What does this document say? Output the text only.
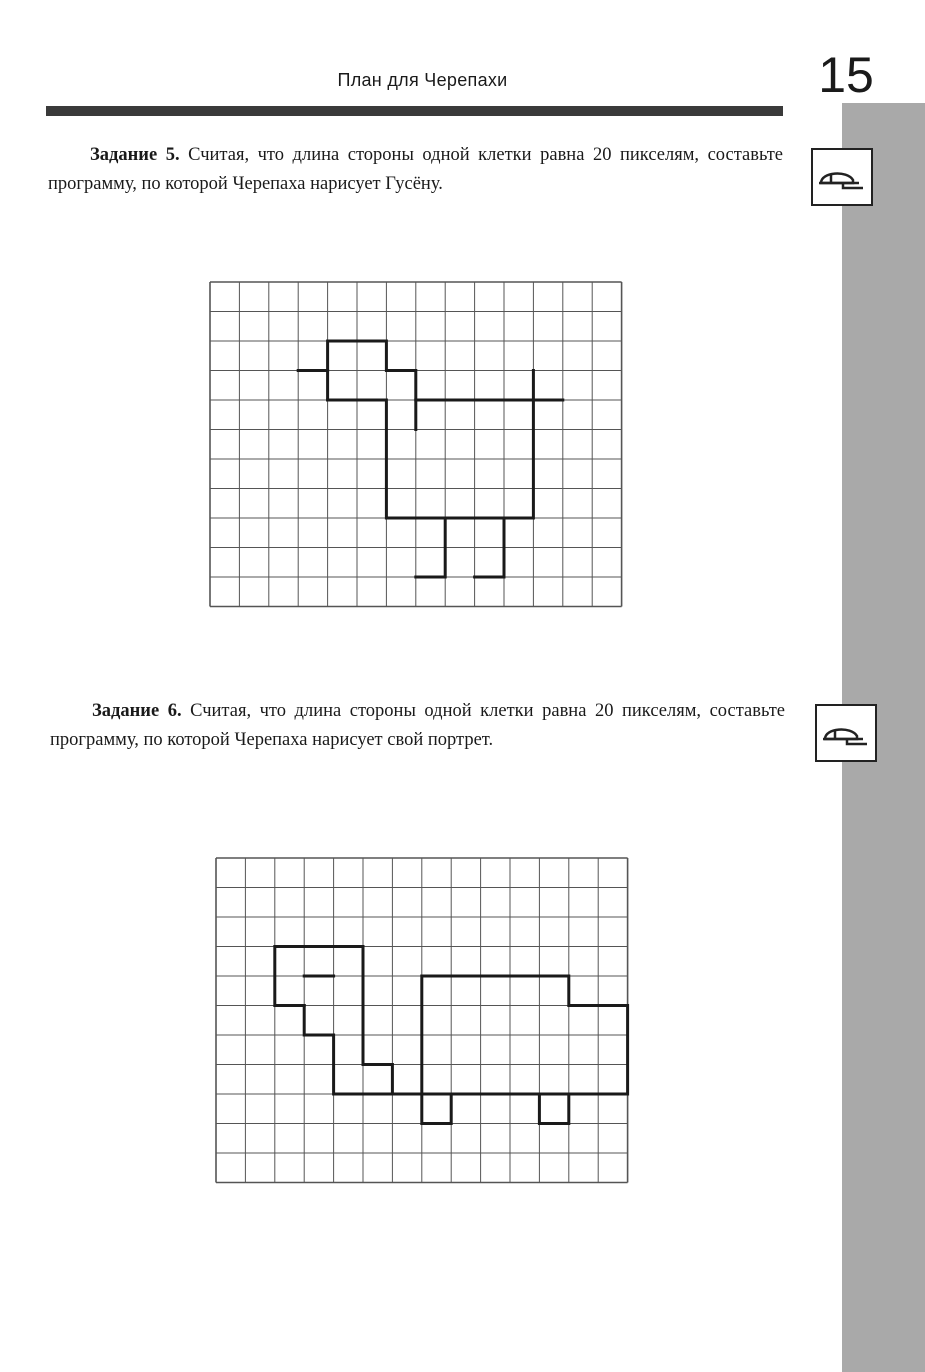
15
План для Черепахи

Задание 5. Считая, что длина стороны одной клетки равна 20 пикселям, составьте программу, по которой Черепаха нарисует Гусёну.

Задание 6. Считая, что длина стороны одной клетки равна 20 пикселям, составьте программу, по которой Черепаха нарисует свой портрет.
